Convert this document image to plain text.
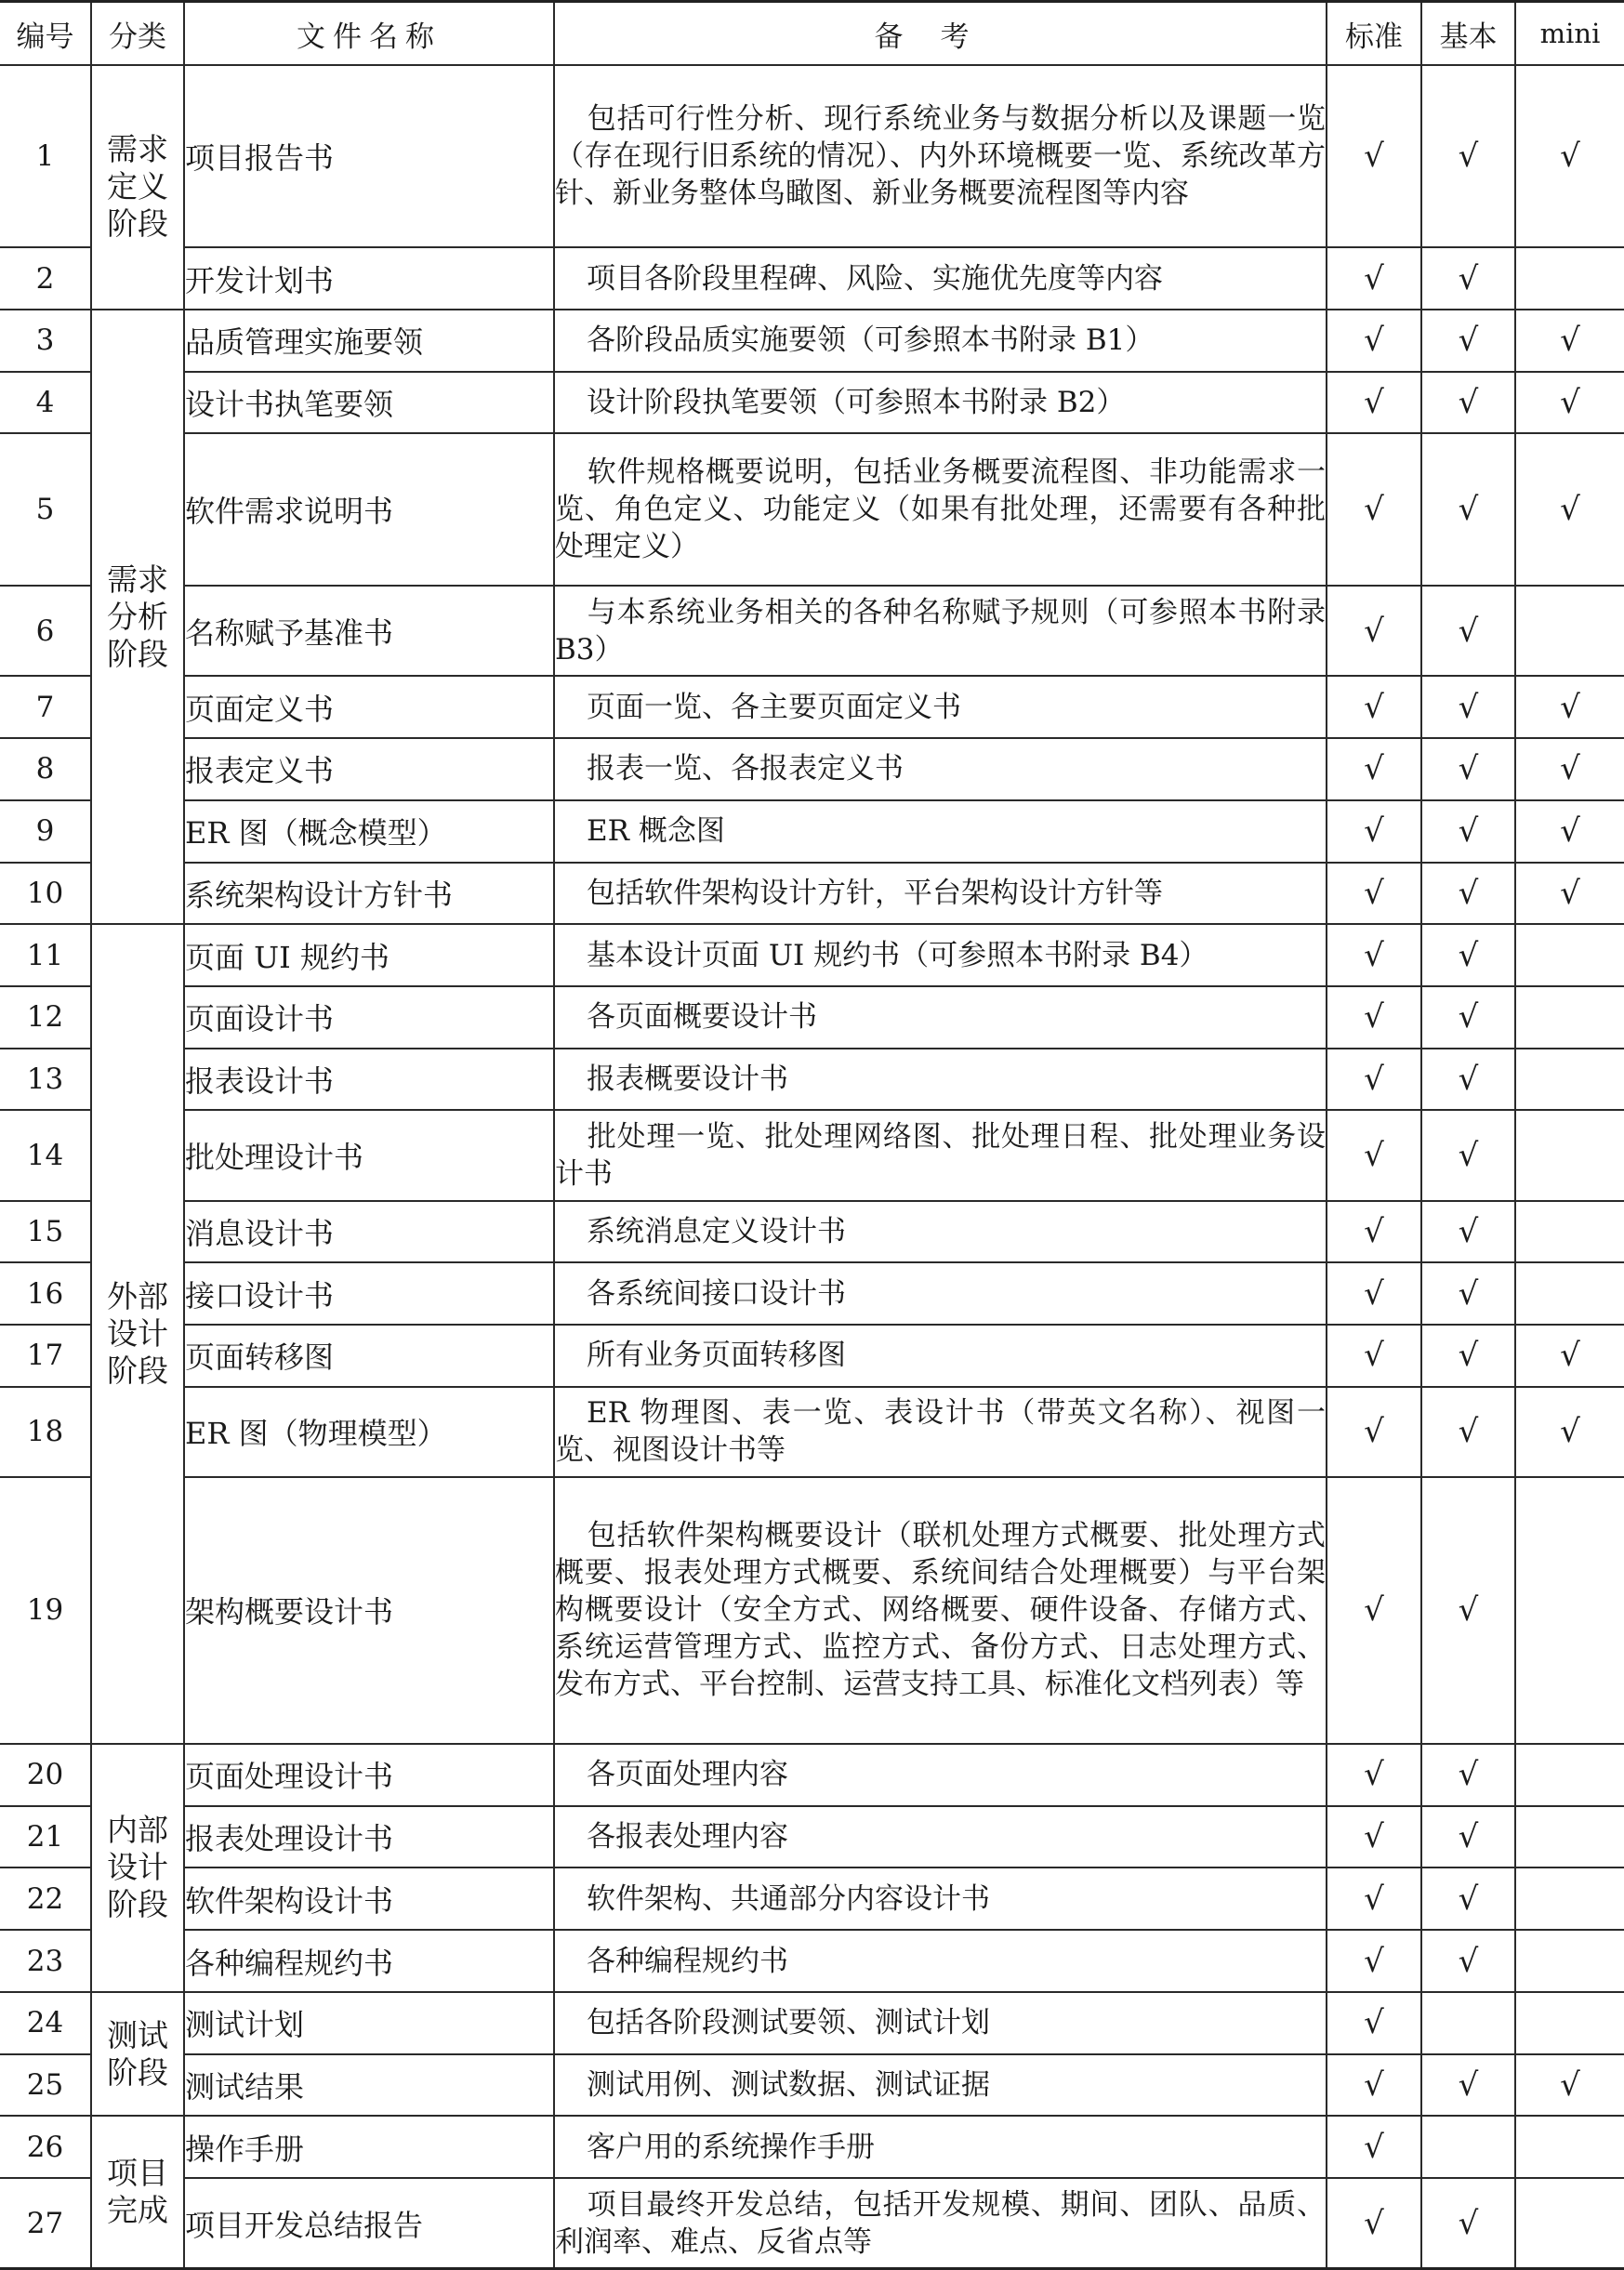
编号	分类	文件名称	备考	标准	基本	mini
1	需求定义阶段	项目报告书	包括可行性分析、现行系统业务与数据分析以及课题一览（存在现行旧系统的情况）、内外环境概要一览、系统改革方针、新业务整体鸟瞰图、新业务概要流程图等内容	√	√	√
2		开发计划书	项目各阶段里程碑、风险、实施优先度等内容	√	√	
3	需求分析阶段	品质管理实施要领	各阶段品质实施要领（可参照本书附录 B1）	√	√	√
4		设计书执笔要领	设计阶段执笔要领（可参照本书附录 B2）	√	√	√
5		软件需求说明书	软件规格概要说明，包括业务概要流程图、非功能需求一览、角色定义、功能定义（如果有批处理，还需要有各种批处理定义）	√	√	√
6		名称赋予基准书	与本系统业务相关的各种名称赋予规则（可参照本书附录 B3）	√	√	
7		页面定义书	页面一览、各主要页面定义书	√	√	√
8		报表定义书	报表一览、各报表定义书	√	√	√
9		ER 图（概念模型）	ER 概念图	√	√	√
10		系统架构设计方针书	包括软件架构设计方针，平台架构设计方针等	√	√	√
11	外部设计阶段	页面 UI 规约书	基本设计页面 UI 规约书（可参照本书附录 B4）	√	√	
12		页面设计书	各页面概要设计书	√	√	
13		报表设计书	报表概要设计书	√	√	
14		批处理设计书	批处理一览、批处理网络图、批处理日程、批处理业务设计书	√	√	
15		消息设计书	系统消息定义设计书	√	√	
16		接口设计书	各系统间接口设计书	√	√	
17		页面转移图	所有业务页面转移图	√	√	√
18		ER 图（物理模型）	ER 物理图、表一览、表设计书（带英文名称）、视图一览、视图设计书等	√	√	√
19		架构概要设计书	包括软件架构概要设计（联机处理方式概要、批处理方式概要、报表处理方式概要、系统间结合处理概要）与平台架构概要设计（安全方式、网络概要、硬件设备、存储方式、系统运营管理方式、监控方式、备份方式、日志处理方式、发布方式、平台控制、运营支持工具、标准化文档列表）等	√	√	
20	内部设计阶段	页面处理设计书	各页面处理内容	√	√	
21		报表处理设计书	各报表处理内容	√	√	
22		软件架构设计书	软件架构、共通部分内容设计书	√	√	
23		各种编程规约书	各种编程规约书	√	√	
24	测试阶段	测试计划	包括各阶段测试要领、测试计划	√		
25		测试结果	测试用例、测试数据、测试证据	√	√	√
26	项目完成	操作手册	客户用的系统操作手册	√		
27		项目开发总结报告	项目最终开发总结，包括开发规模、期间、团队、品质、利润率、难点、反省点等	√	√	
